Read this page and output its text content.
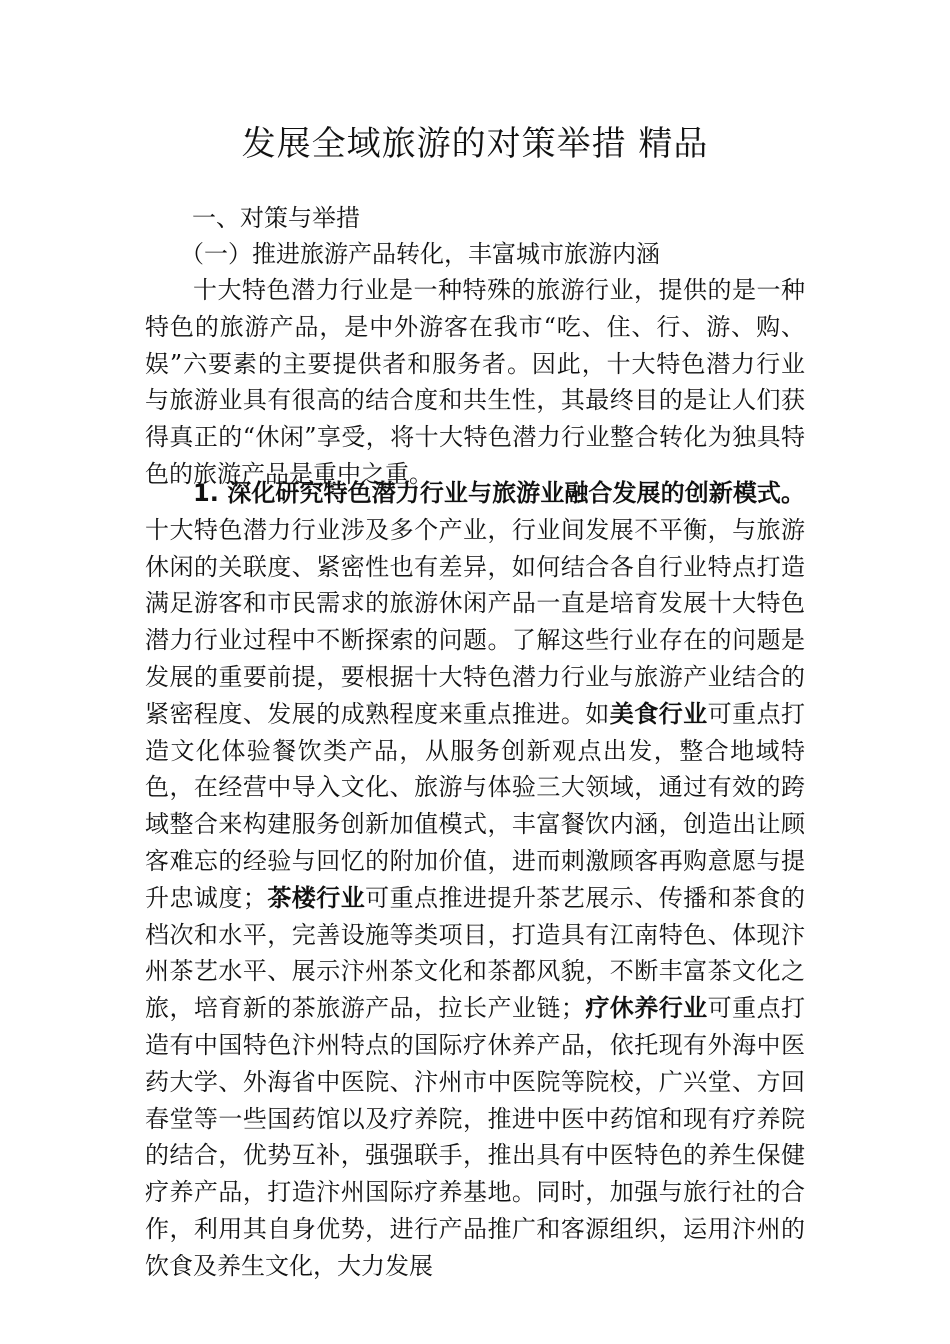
发展全域旅游的对策举措 精品
一、对策与举措
（一）推进旅游产品转化，丰富城市旅游内涵
十大特色潜力行业是一种特殊的旅游行业，提供的是一种特色的旅游产品，是中外游客在我市“吃、住、行、游、购、娱”六要素的主要提供者和服务者。因此，十大特色潜力行业与旅游业具有很高的结合度和共生性，其最终目的是让人们获得真正的“休闲”享受，将十大特色潜力行业整合转化为独具特色的旅游产品是重中之重。
1. 深化研究特色潜力行业与旅游业融合发展的创新模式。十大特色潜力行业涉及多个产业，行业间发展不平衡，与旅游休闲的关联度、紧密性也有差异，如何结合各自行业特点打造满足游客和市民需求的旅游休闲产品一直是培育发展十大特色潜力行业过程中不断探索的问题。了解这些行业存在的问题是发展的重要前提，要根据十大特色潜力行业与旅游产业结合的紧密程度、发展的成熟程度来重点推进。如美食行业可重点打造文化体验餐饮类产品，从服务创新观点出发，整合地域特色，在经营中导入文化、旅游与体验三大领域，通过有效的跨域整合来构建服务创新加值模式，丰富餐饮内涵，创造出让顾客难忘的经验与回忆的附加价值，进而刺激顾客再购意愿与提升忠诚度；茶楼行业可重点推进提升茶艺展示、传播和茶食的档次和水平，完善设施等类项目，打造具有江南特色、体现汴州茶艺水平、展示汴州茶文化和茶都风貌，不断丰富茶文化之旅，培育新的茶旅游产品，拉长产业链；疗休养行业可重点打造有中国特色汴州特点的国际疗休养产品，依托现有外海中医药大学、外海省中医院、汴州市中医院等院校，广兴堂、方回春堂等一些国药馆以及疗养院，推进中医中药馆和现有疗养院的结合，优势互补，强强联手，推出具有中医特色的养生保健疗养产品，打造汴州国际疗养基地。同时，加强与旅行社的合作，利用其自身优势，进行产品推广和客源组织，运用汴州的饮食及养生文化，大力发展
